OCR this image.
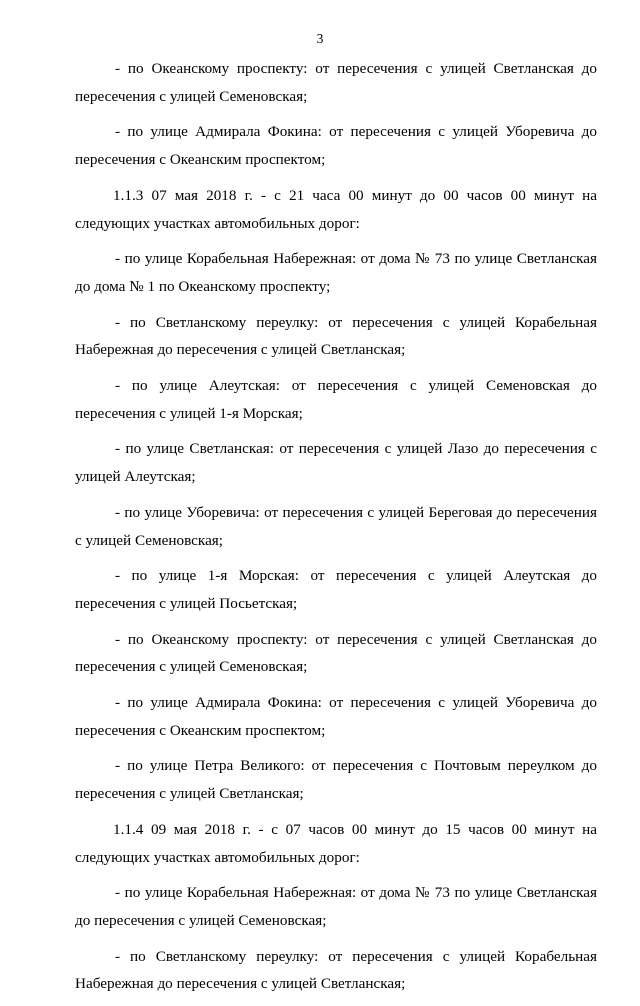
3

- по Океанскому проспекту: от пересечения с улицей Светланская до пересечения с улицей Семеновская;

- по улице Адмирала Фокина: от пересечения с улицей Уборевича до пересечения с Океанским проспектом;

1.1.3 07 мая 2018 г. - с 21 часа 00 минут до 00 часов 00 минут на следующих участках автомобильных дорог:

- по улице Корабельная Набережная: от дома № 73 по улице Светланская до дома № 1 по Океанскому проспекту;

- по Светланскому переулку: от пересечения с улицей Корабельная Набережная до пересечения с улицей Светланская;

- по улице Алеутская: от пересечения с улицей Семеновская до пересечения с улицей 1-я Морская;

- по улице Светланская: от пересечения с улицей Лазо до пересечения с улицей Алеутская;

- по улице Уборевича: от пересечения с улицей Береговая до пересечения с улицей Семеновская;

- по улице 1-я Морская: от пересечения с улицей Алеутская до пересечения с улицей Посьетская;

- по Океанскому проспекту: от пересечения с улицей Светланская до пересечения с улицей Семеновская;

- по улице Адмирала Фокина: от пересечения с улицей Уборевича до пересечения с Океанским проспектом;

- по улице Петра Великого: от пересечения с Почтовым переулком до пересечения с улицей Светланская;

1.1.4 09 мая 2018 г. - с 07 часов 00 минут до 15 часов 00 минут на следующих участках автомобильных дорог:

- по улице Корабельная Набережная: от дома № 73 по улице Светланская до пересечения с улицей Семеновская;

- по Светланскому переулку: от пересечения с улицей Корабельная Набережная до пересечения с улицей Светланская;
